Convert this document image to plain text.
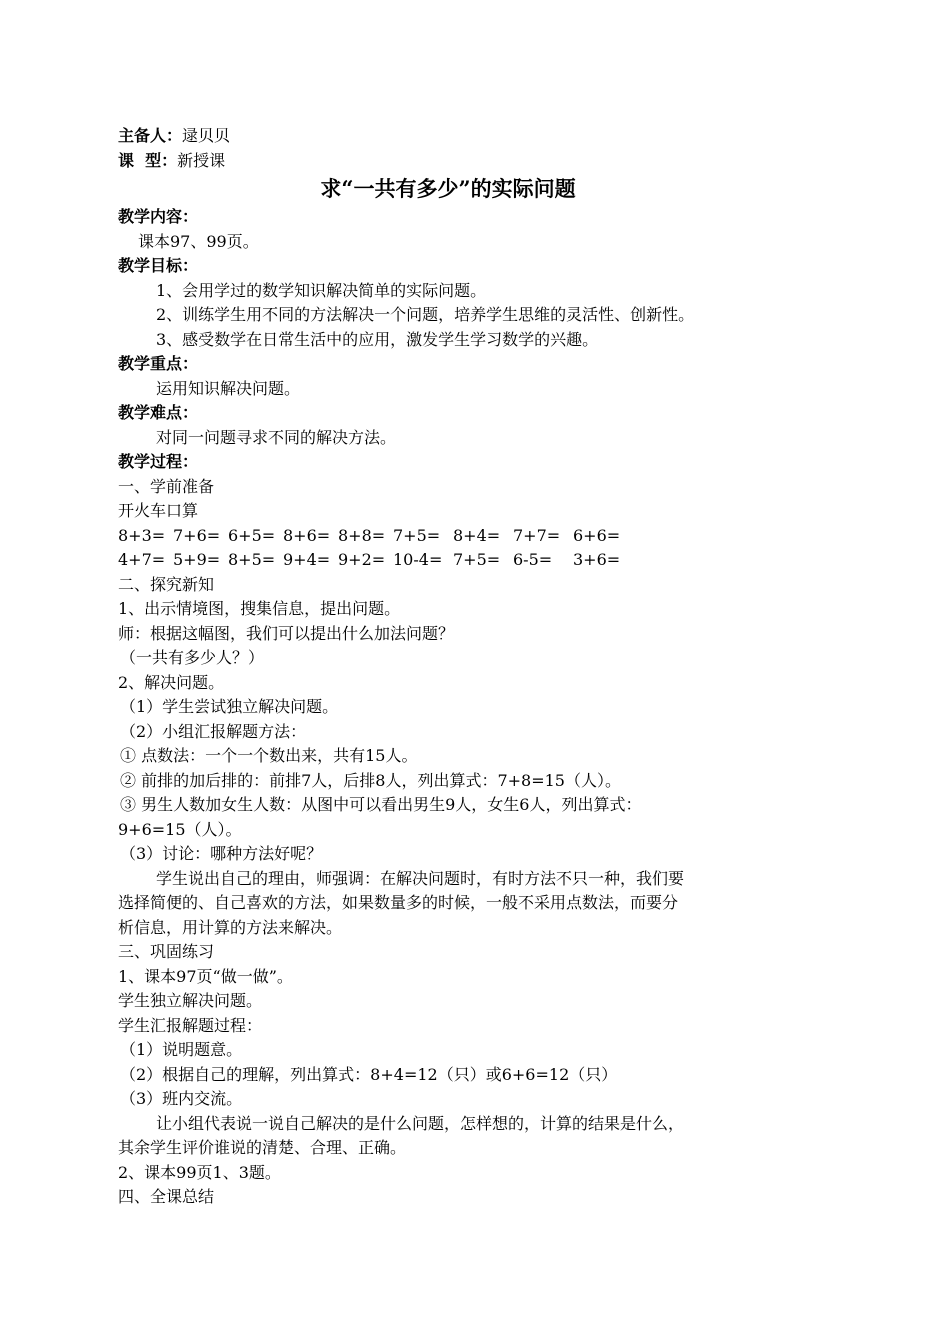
主备人：逯贝贝
课  型：新授课
求“一共有多少”的实际问题
教学内容：
课本97、99页。
教学目标：
1、会用学过的数学知识解决简单的实际问题。
2、训练学生用不同的方法解决一个问题，培养学生思维的灵活性、创新性。
3、感受数学在日常生活中的应用，激发学生学习数学的兴趣。
教学重点：
运用知识解决问题。
教学难点：
对同一问题寻求不同的解决方法。
教学过程：
一、学前准备
开火车口算
8+3= 7+6= 6+5= 8+6= 8+8= 7+5= 8+4= 7+7= 6+6=
4+7= 5+9= 8+5= 9+4= 9+2= 10-4= 7+5= 6-5= 3+6=
二、探究新知
1、出示情境图，搜集信息，提出问题。
师：根据这幅图，我们可以提出什么加法问题？
（一共有多少人？）
2、解决问题。
（1）学生尝试独立解决问题。
（2）小组汇报解题方法：
① 点数法：一个一个数出来，共有15人。
② 前排的加后排的：前排7人，后排8人，列出算式：7+8=15（人）。
③ 男生人数加女生人数：从图中可以看出男生9人，女生6人，列出算式：
9+6=15（人）。
（3）讨论：哪种方法好呢？
学生说出自己的理由，师强调：在解决问题时，有时方法不只一种，我们要
选择简便的、自己喜欢的方法，如果数量多的时候，一般不采用点数法，而要分
析信息，用计算的方法来解决。
三、巩固练习
1、课本97页“做一做”。
学生独立解决问题。
学生汇报解题过程：
（1）说明题意。
（2）根据自己的理解，列出算式：8+4=12（只）或6+6=12（只）
（3）班内交流。
让小组代表说一说自己解决的是什么问题，怎样想的，计算的结果是什么，
其余学生评价谁说的清楚、合理、正确。
2、课本99页1、3题。
四、全课总结
